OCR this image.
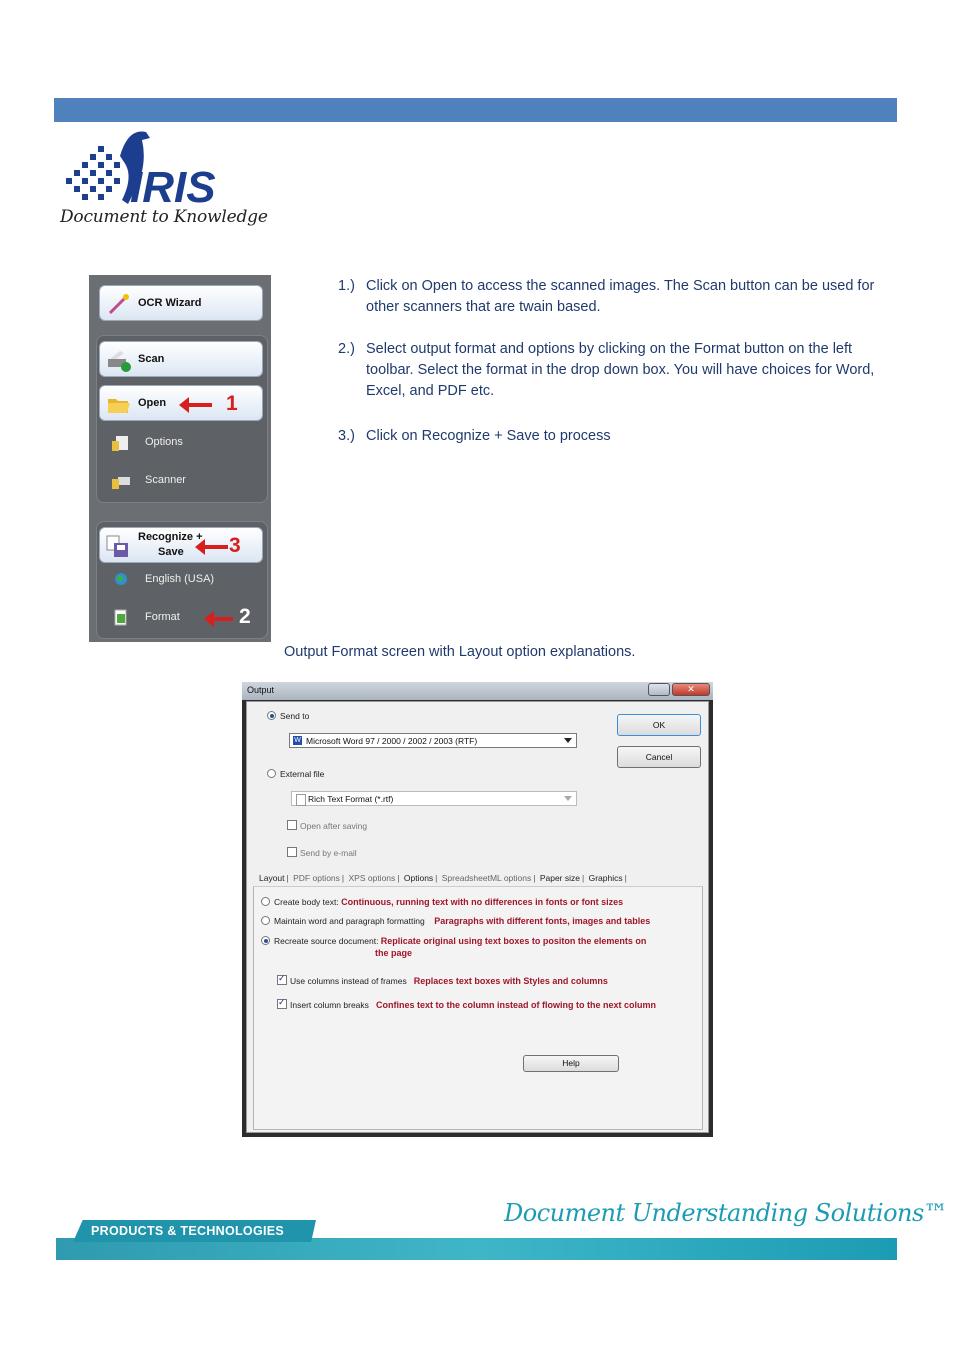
IRIS
Document to Knowledge
OCR Wizard
Scan
Open	1
Options
Scanner
Recognize +
Save 3
English (USA)
Format	2
1.) Click on Open to access the scanned images. The Scan button can be used for other scanners that are twain based.
2.) Select output format and options by clicking on the Format button on the left toolbar. Select the format in the drop down box. You will have choices for Word, Excel, and PDF etc.
3.) Click on Recognize + Save to process
Output Format screen with Layout option explanations.
Output	✕
Send to
W Microsoft Word 97 / 2000 / 2002 / 2003 (RTF)
External file
Rich Text Format (*.rtf)
Open after saving
Send by e-mail
OK
Cancel
Layout | PDF options | XPS options | Options | SpreadsheetML options | Paper size | Graphics |
Create body text: Continuous, running text with no differences in fonts or font sizes
Maintain word and paragraph formatting Paragraphs with different fonts, images and tables
Recreate source document: Replicate original using text boxes to positon the elements on
the page
✓Use columns instead of frames Replaces text boxes with Styles and columns
✓Insert column breaks Confines text to the column instead of flowing to the next column
Help
PRODUCTS & TECHNOLOGIES
Document Understanding Solutions™
